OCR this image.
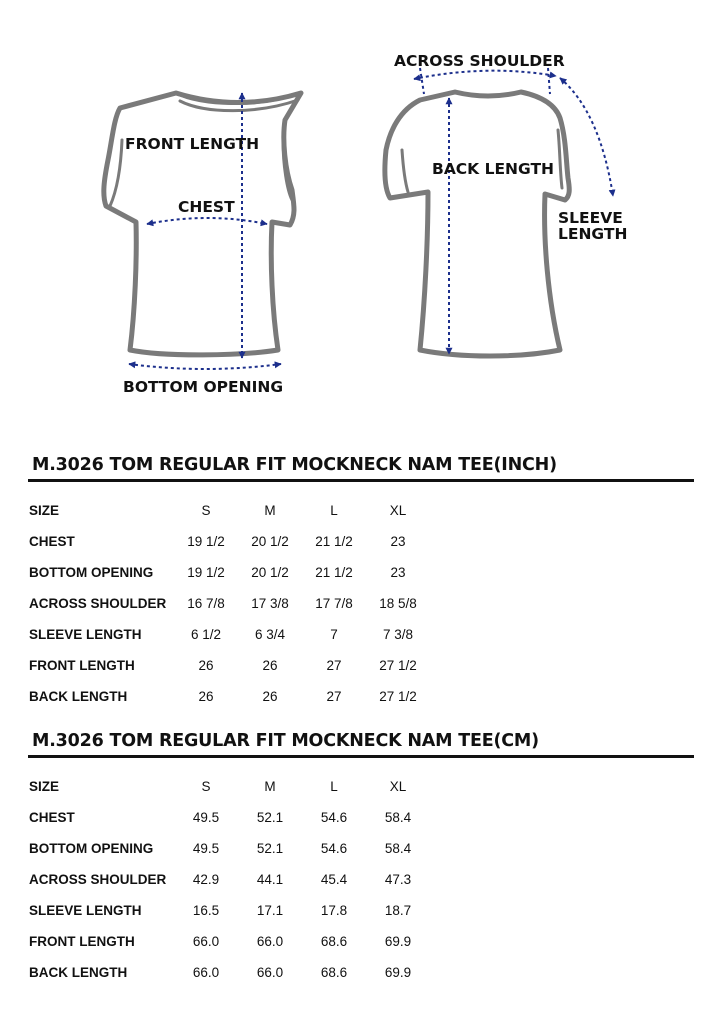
FRONT LENGTH
CHEST
BOTTOM OPENING
ACROSS SHOULDER
BACK LENGTH
SLEEVE
LENGTH
M.3026 TOM REGULAR FIT MOCKNECK NAM TEE(INCH)
SIZE	S	M	L	XL
CHEST	19 1/2	20 1/2	21 1/2	23
BOTTOM OPENING	19 1/2	20 1/2	21 1/2	23
ACROSS SHOULDER	16 7/8	17 3/8	17 7/8	18 5/8
SLEEVE LENGTH	6 1/2	6 3/4	7	7 3/8
FRONT LENGTH	26	26	27	27 1/2
BACK LENGTH	26	26	27	27 1/2
M.3026 TOM REGULAR FIT MOCKNECK NAM TEE(CM)
SIZE	S	M	L	XL
CHEST	49.5	52.1	54.6	58.4
BOTTOM OPENING	49.5	52.1	54.6	58.4
ACROSS SHOULDER	42.9	44.1	45.4	47.3
SLEEVE LENGTH	16.5	17.1	17.8	18.7
FRONT LENGTH	66.0	66.0	68.6	69.9
BACK LENGTH	66.0	66.0	68.6	69.9
